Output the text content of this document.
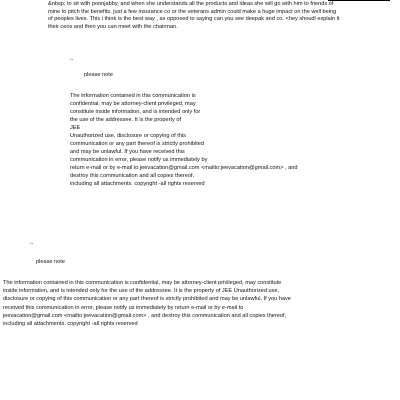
&nbsp; to sit with poonjabby, and when she understands all the products and ideas she will go with him to friends of
mine to pitch the benefits. just a few insurance co or the veterans admin could make a huge impact on the well being
of peoples lives. This i think is the best way , as opposed to saying can you see deepak and co. <hey shoudl explain it
their ceos and then you can meet with the chairman.
--
please note
The information contained in this communication is
confidential, may be attorney-client privileged, may
constitute inside information, and is intended only for
the use of the addressee. It is the property of
JEE
Unauthorized use, disclosure or copying of this
communication or any part thereof is strictly prohibited
and may be unlawful. If you have received this
communication in error, please notify us immediately by
return e-mail or by e-mail to jeevacation@gmail.com <mailto:jeevacation@gmail.com> , and
destroy this communication and all copies thereof,
including all attachments. copyright -all rights reserved
--
please note
The information contained in this communication is confidential, may be attorney-client privileged, may constitute
inside information, and is intended only for the use of the addressee. It is the property of JEE Unauthorized use,
disclosure or copying of this communication or any part thereof is strictly prohibited and may be unlawful. If you have
received this communication in error, please notify us immediately by return e-mail or by e-mail to
jeevacation@gmail.com <mailto:jeevacation@gmail.com> , and destroy this communication and all copies thereof,
including all attachments. copyright -all rights reserved
